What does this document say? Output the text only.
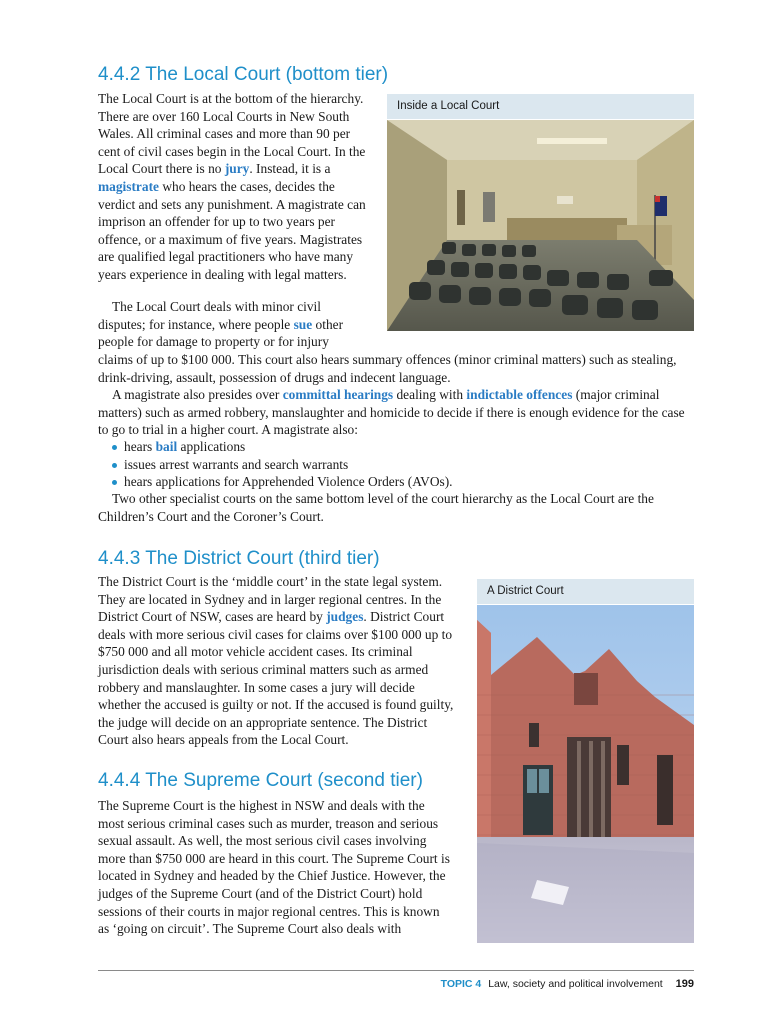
4.4.2 The Local Court (bottom tier)

The Local Court is at the bottom of the hierarchy. There are over 160 Local Courts in New South Wales. All criminal cases and more than 90 per cent of civil cases begin in the Local Court. In the Local Court there is no jury. Instead, it is a magistrate who hears the cases, decides the verdict and sets any punishment. A magistrate can imprison an offender for up to two years per offence, or a maximum of five years. Magistrates are qualified legal practitioners who have many years experience in dealing with legal matters.

The Local Court deals with minor civil disputes; for instance, where people sue other people for damage to property or for injury

claims of up to $100 000. This court also hears summary offences (minor criminal matters) such as stealing, drink-driving, assault, possession of drugs and indecent language.

A magistrate also presides over committal hearings dealing with indictable offences (major criminal matters) such as armed robbery, manslaughter and homicide to decide if there is enough evidence for the case to go to trial in a higher court. A magistrate also:

hears bail applications
issues arrest warrants and search warrants
hears applications for Apprehended Violence Orders (AVOs).

Two other specialist courts on the same bottom level of the court hierarchy as the Local Court are the Children’s Court and the Coroner’s Court.

Inside a Local Court
4.4.3 The District Court (third tier)

The District Court is the ‘middle court’ in the state legal system. They are located in Sydney and in larger regional centres. In the District Court of NSW, cases are heard by judges. District Court deals with more serious civil cases for claims over $100 000 up to $750 000 and all motor vehicle accident cases. Its criminal jurisdiction deals with serious criminal matters such as armed robbery and manslaughter. In some cases a jury will decide whether the accused is guilty or not. If the accused is found guilty, the judge will decide on an appropriate sentence. The District Court also hears appeals from the Local Court.

A District Court
4.4.4 The Supreme Court (second tier)

The Supreme Court is the highest in NSW and deals with the most serious criminal cases such as murder, treason and serious sexual assault. As well, the most serious civil cases involving more than $750 000 are heard in this court. The Supreme Court is located in Sydney and headed by the Chief Justice. However, the judges of the Supreme Court (and of the District Court) hold sessions of their courts in major regional centres. This is known as ‘going on circuit’. The Supreme Court also deals with

TOPIC 4 Law, society and political involvement 199
